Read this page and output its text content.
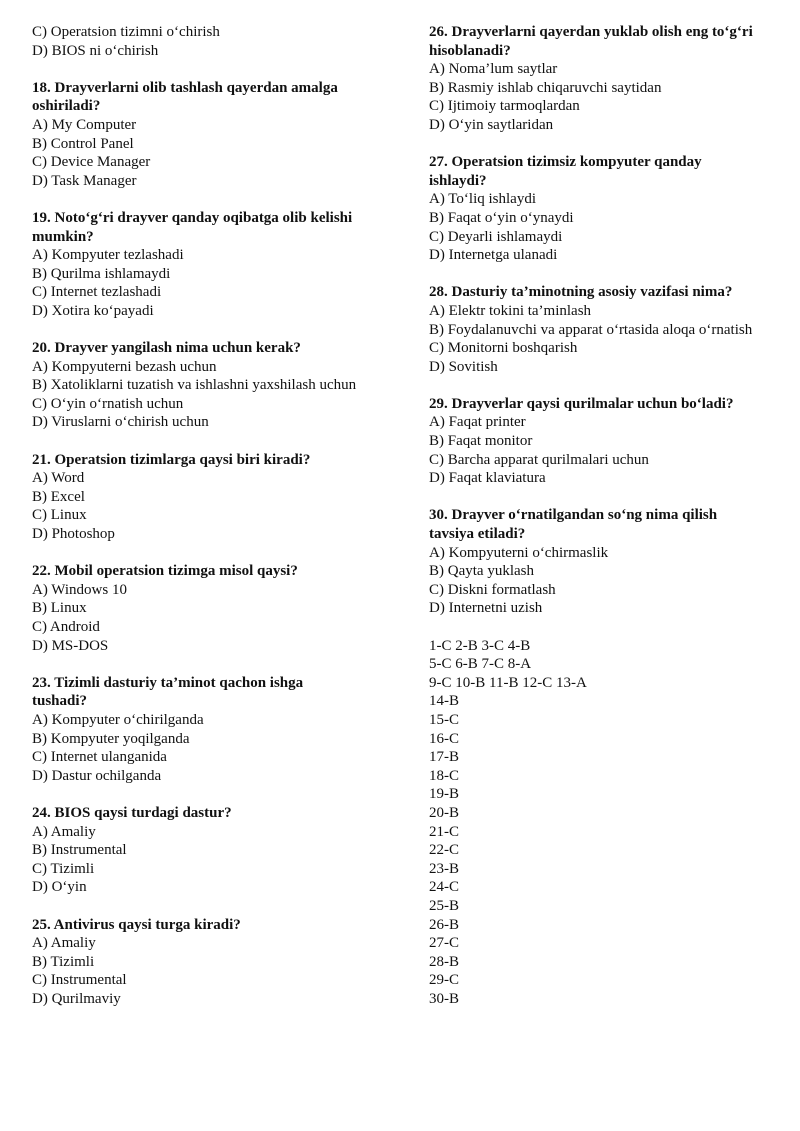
C) Operatsion tizimni o‘chirish

D) BIOS ni o‘chirish

18. Drayverlarni olib tashlash qayerdan amalga

oshiriladi?

A) My Computer

B) Control Panel

C) Device Manager

D) Task Manager

19. Noto‘g‘ri drayver qanday oqibatga olib kelishi

mumkin?

A) Kompyuter tezlashadi

B) Qurilma ishlamaydi

C) Internet tezlashadi

D) Xotira ko‘payadi

20. Drayver yangilash nima uchun kerak?

A) Kompyuterni bezash uchun

B) Xatoliklarni tuzatish va ishlashni yaxshilash uchun

C) O‘yin o‘rnatish uchun

D) Viruslarni o‘chirish uchun

21. Operatsion tizimlarga qaysi biri kiradi?

A) Word

B) Excel

C) Linux

D) Photoshop

22. Mobil operatsion tizimga misol qaysi?

A) Windows 10

B) Linux

C) Android

D) MS-DOS

23. Tizimli dasturiy ta’minot qachon ishga

tushadi?

A) Kompyuter o‘chirilganda

B) Kompyuter yoqilganda

C) Internet ulanganida

D) Dastur ochilganda

24. BIOS qaysi turdagi dastur?

A) Amaliy

B) Instrumental

C) Tizimli

D) O‘yin

25. Antivirus qaysi turga kiradi?

A) Amaliy

B) Tizimli

C) Instrumental

D) Qurilmaviy

26. Drayverlarni qayerdan yuklab olish eng to‘g‘ri

hisoblanadi?

A) Noma’lum saytlar

B) Rasmiy ishlab chiqaruvchi saytidan

C) Ijtimoiy tarmoqlardan

D) O‘yin saytlaridan

27. Operatsion tizimsiz kompyuter qanday

ishlaydi?

A) To‘liq ishlaydi

B) Faqat o‘yin o‘ynaydi

C) Deyarli ishlamaydi

D) Internetga ulanadi

28. Dasturiy ta’minotning asosiy vazifasi nima?

A) Elektr tokini ta’minlash

B) Foydalanuvchi va apparat o‘rtasida aloqa o‘rnatish

C) Monitorni boshqarish

D) Sovitish

29. Drayverlar qaysi qurilmalar uchun bo‘ladi?

A) Faqat printer

B) Faqat monitor

C) Barcha apparat qurilmalari uchun

D) Faqat klaviatura

30. Drayver o‘rnatilgandan so‘ng nima qilish

tavsiya etiladi?

A) Kompyuterni o‘chirmaslik

B) Qayta yuklash

C) Diskni formatlash

D) Internetni uzish

1-C 2-B 3-C 4-B

5-C 6-B 7-C 8-A

9-C 10-B 11-B 12-C 13-A

14-B

15-C

16-C

17-B

18-C

19-B

20-B

21-C

22-C

23-B

24-C

25-B

26-B

27-C

28-B

29-C

30-B
